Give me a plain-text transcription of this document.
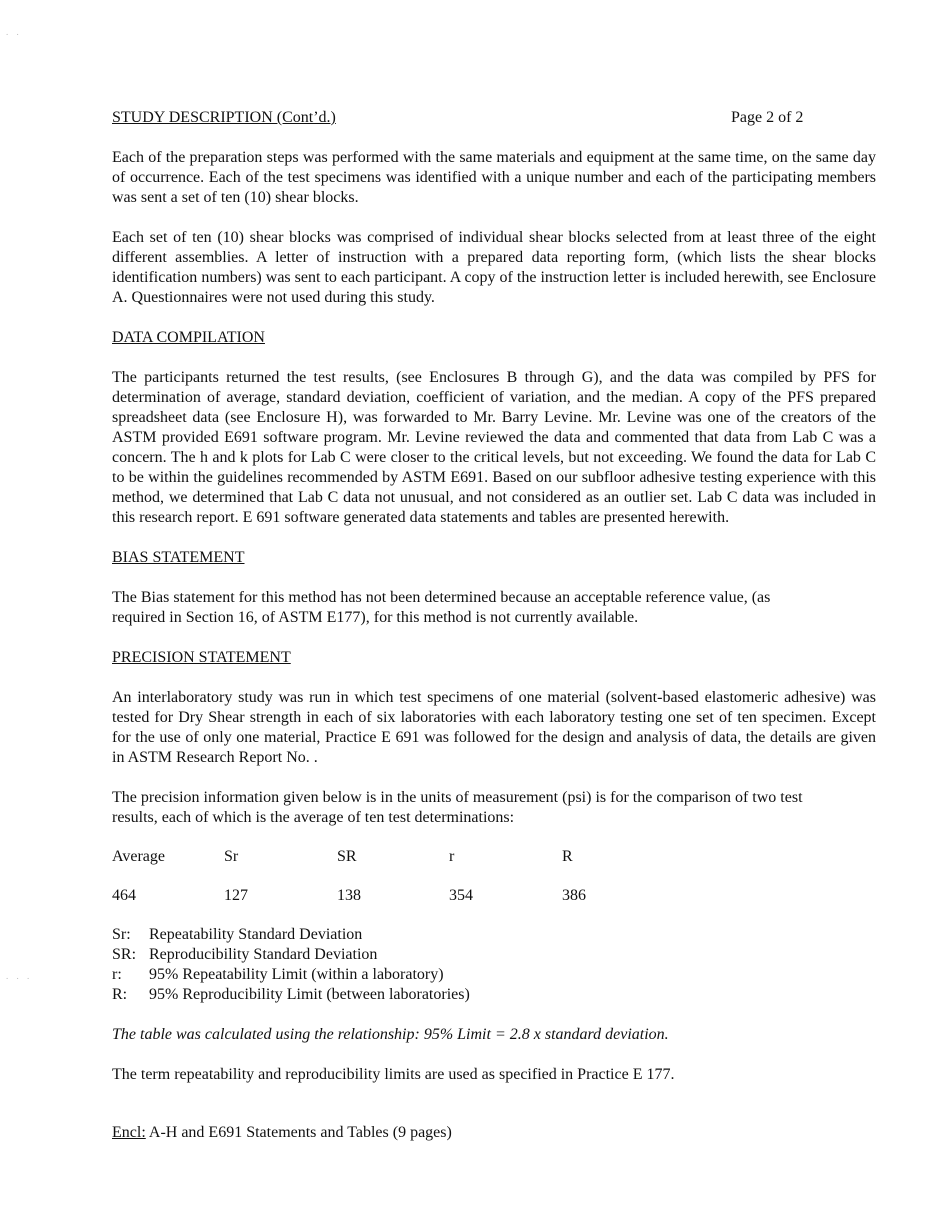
. .
. . .
STUDY DESCRIPTION (Cont’d.)	Page 2 of 2

Each of the preparation steps was performed with the same materials and equipment at the same time, on the same day of occurrence. Each of the test specimens was identified with a unique number and each of the participating members was sent a set of ten (10) shear blocks.

Each set of ten (10) shear blocks was comprised of individual shear blocks selected from at least three of the eight different assemblies. A letter of instruction with a prepared data reporting form, (which lists the shear blocks identification numbers) was sent to each participant. A copy of the instruction letter is included herewith, see Enclosure A. Questionnaires were not used during this study.

DATA COMPILATION

The participants returned the test results, (see Enclosures B through G), and the data was compiled by PFS for determination of average, standard deviation, coefficient of variation, and the median. A copy of the PFS prepared spreadsheet data (see Enclosure H), was forwarded to Mr. Barry Levine. Mr. Levine was one of the creators of the ASTM provided E691 software program. Mr. Levine reviewed the data and commented that data from Lab C was a concern. The h and k plots for Lab C were closer to the critical levels, but not exceeding. We found the data for Lab C to be within the guidelines recommended by ASTM E691. Based on our subfloor adhesive testing experience with this method, we determined that Lab C data not unusual, and not considered as an outlier set. Lab C data was included in this research report. E 691 software generated data statements and tables are presented herewith.

BIAS STATEMENT
The Bias statement for this method has not been determined because an acceptable reference value, (as
required in Section 16, of ASTM E177), for this method is not currently available.
PRECISION STATEMENT

An interlaboratory study was run in which test specimens of one material (solvent-based elastomeric adhesive) was tested for Dry Shear strength in each of six laboratories with each laboratory testing one set of ten specimen. Except for the use of only one material, Practice E 691 was followed for the design and analysis of data, the details are given in ASTM Research Report No. .

The precision information given below is in the units of measurement (psi) is for the comparison of two test
results, each of which is the average of ten test determinations:
Average	Sr	SR	r	R
464	127	138	354	386
Sr: Repeatability Standard Deviation
SR: Reproducibility Standard Deviation
r: 95% Repeatability Limit (within a laboratory)
R: 95% Reproducibility Limit (between laboratories)

The table was calculated using the relationship: 95% Limit = 2.8 x standard deviation.

The term repeatability and reproducibility limits are used as specified in Practice E 177.

Encl: A-H and E691 Statements and Tables (9 pages)
